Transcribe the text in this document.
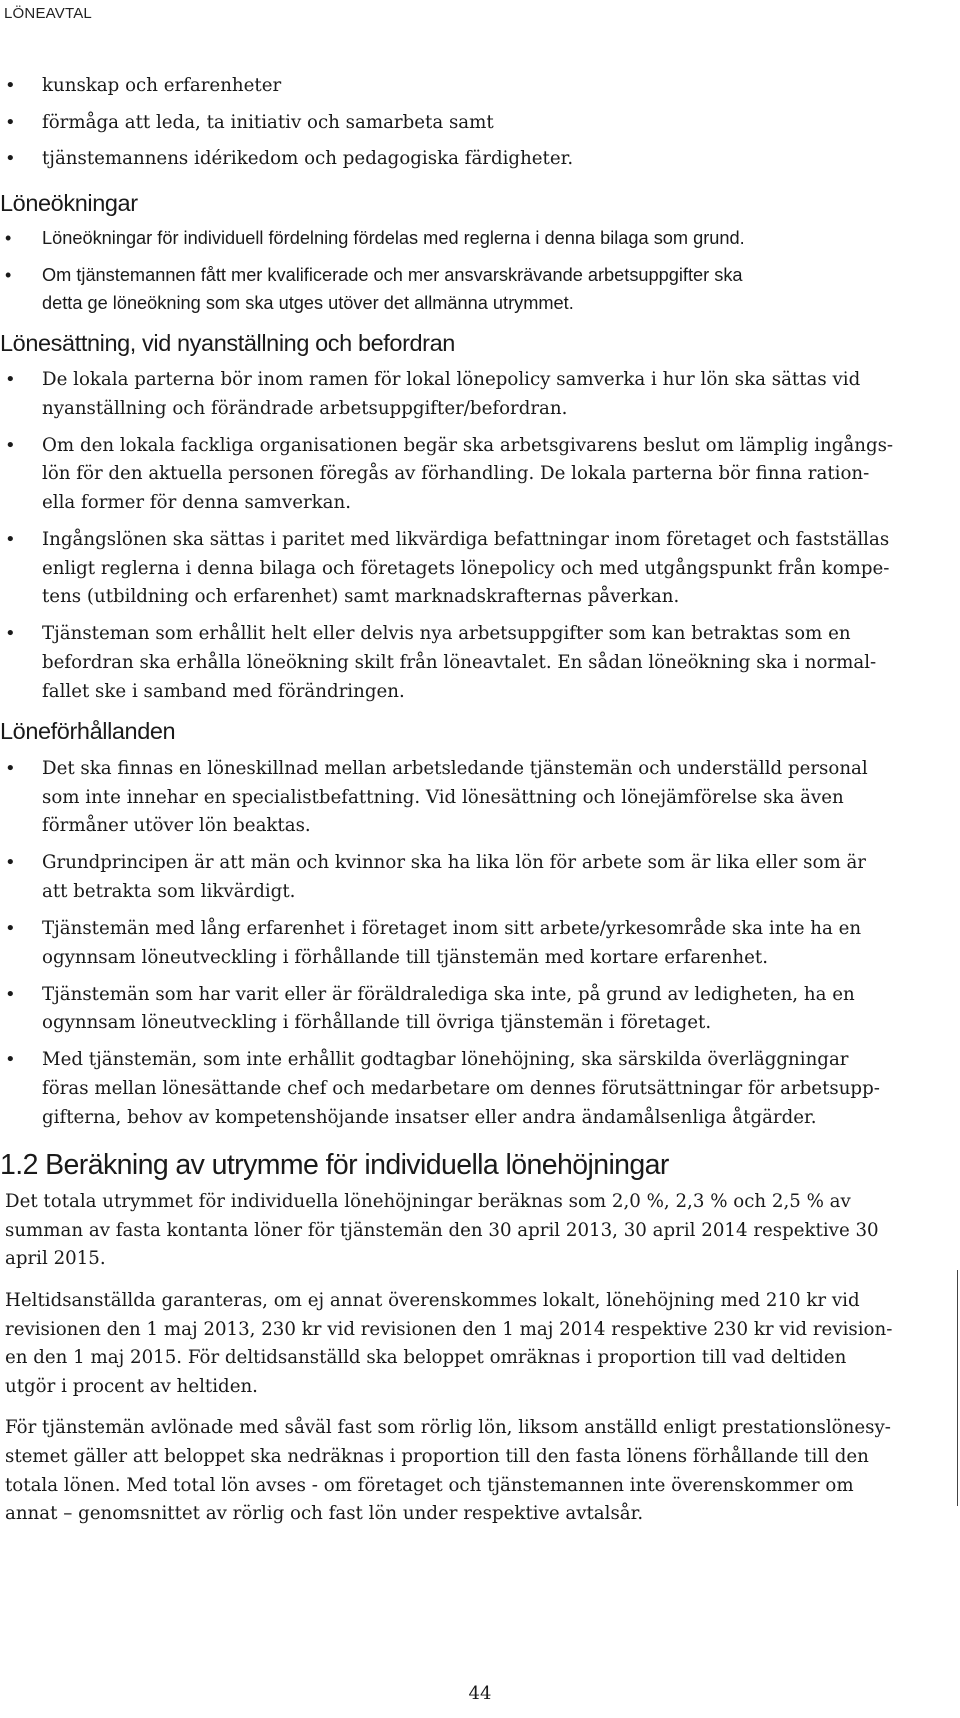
LÖNEAVTAL
• kunskap och erfarenheter
• förmåga att leda, ta initiativ och samarbeta samt
• tjänstemannens idérikedom och pedagogiska färdigheter.
Löneökningar
• Löneökningar för individuell fördelning fördelas med reglerna i denna bilaga som grund.
• Om tjänstemannen fått mer kvalificerade och mer ansvarskrävande arbetsuppgifter ska
detta ge löneökning som ska utges utöver det allmänna utrymmet.
Lönesättning, vid nyanställning och befordran
• De lokala parterna bör inom ramen för lokal lönepolicy samverka i hur lön ska sättas vid
nyanställning och förändrade arbetsuppgifter/befordran.
• Om den lokala fackliga organisationen begär ska arbetsgivarens beslut om lämplig ingångs-
lön för den aktuella personen föregås av förhandling. De lokala parterna bör finna ration-
ella former för denna samverkan.
• Ingångslönen ska sättas i paritet med likvärdiga befattningar inom företaget och fastställas
enligt reglerna i denna bilaga och företagets lönepolicy och med utgångspunkt från kompe-
tens (utbildning och erfarenhet) samt marknadskrafternas påverkan.
• Tjänsteman som erhållit helt eller delvis nya arbetsuppgifter som kan betraktas som en
befordran ska erhålla löneökning skilt från löneavtalet. En sådan löneökning ska i normal-
fallet ske i samband med förändringen.
Löneförhållanden
• Det ska finnas en löneskillnad mellan arbetsledande tjänstemän och underställd personal
som inte innehar en specialistbefattning. Vid lönesättning och lönejämförelse ska även
förmåner utöver lön beaktas.
• Grundprincipen är att män och kvinnor ska ha lika lön för arbete som är lika eller som är
att betrakta som likvärdigt.
• Tjänstemän med lång erfarenhet i företaget inom sitt arbete/yrkesområde ska inte ha en
ogynnsam löneutveckling i förhållande till tjänstemän med kortare erfarenhet.
• Tjänstemän som har varit eller är föräldralediga ska inte, på grund av ledigheten, ha en
ogynnsam löneutveckling i förhållande till övriga tjänstemän i företaget.
• Med tjänstemän, som inte erhållit godtagbar lönehöjning, ska särskilda överläggningar
föras mellan lönesättande chef och medarbetare om dennes förutsättningar för arbetsupp-
gifterna, behov av kompetenshöjande insatser eller andra ändamålsenliga åtgärder.
1.2 Beräkning av utrymme för individuella lönehöjningar

Det totala utrymmet för individuella lönehöjningar beräknas som 2,0 %, 2,3 % och 2,5 % av
summan av fasta kontanta löner för tjänstemän den 30 april 2013, 30 april 2014 respektive 30
april 2015.

Heltidsanställda garanteras, om ej annat överenskommes lokalt, lönehöjning med 210 kr vid
revisionen den 1 maj 2013, 230 kr vid revisionen den 1 maj 2014 respektive 230 kr vid revision-
en den 1 maj 2015. För deltidsanställd ska beloppet omräknas i proportion till vad deltiden
utgör i procent av heltiden.

För tjänstemän avlönade med såväl fast som rörlig lön, liksom anställd enligt prestationslönesy-
stemet gäller att beloppet ska nedräknas i proportion till den fasta lönens förhållande till den
totala lönen. Med total lön avses - om företaget och tjänstemannen inte överenskommer om
annat – genomsnittet av rörlig och fast lön under respektive avtalsår.

44
